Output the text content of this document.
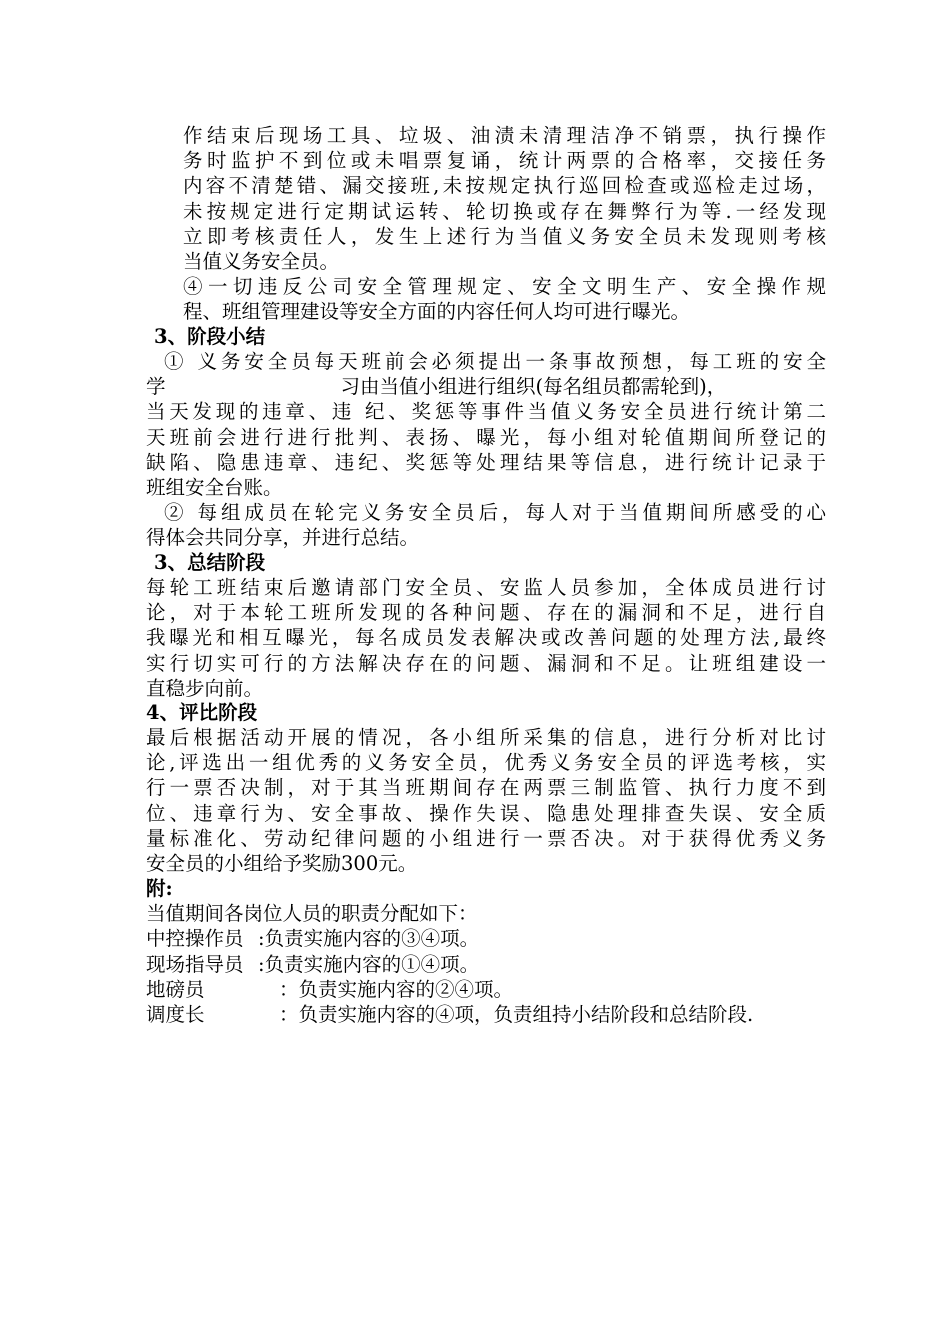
作结束后现场工具、垃圾、油渍未清理洁净不销票，执行操作
务时监护不到位或未唱票复诵，统计两票的合格率，交接任务
内容不清楚错、漏交接班,未按规定执行巡回检查或巡检走过场，
未按规定进行定期试运转、轮切换或存在舞弊行为等.一经发现
立即考核责任人，发生上述行为当值义务安全员未发现则考核
当值义务安全员。
④一切违反公司安全管理规定、安全文明生产、安全操作规
程、班组管理建设等安全方面的内容任何人均可进行曝光。
3、阶段小结
① 义务安全员每天班前会必须提出一条事故预想，每工班的安全
学	习由当值小组进行组织(每名组员都需轮到)，
当天发现的违章、违 纪、奖惩等事件当值义务安全员进行统计第二
天班前会进行进行批判、表扬、曝光，每小组对轮值期间所登记的
缺陷、隐患违章、违纪、奖惩等处理结果等信息，进行统计记录于
班组安全台账。
② 每组成员在轮完义务安全员后，每人对于当值期间所感受的心
得体会共同分享，并进行总结。
3、总结阶段
每轮工班结束后邀请部门安全员、安监人员参加，全体成员进行讨
论，对于本轮工班所发现的各种问题、存在的漏洞和不足，进行自
我曝光和相互曝光，每名成员发表解决或改善问题的处理方法,最终
实行切实可行的方法解决存在的问题、漏洞和不足。让班组建设一
直稳步向前。
4、评比阶段
最后根据活动开展的情况，各小组所采集的信息，进行分析对比讨
论,评选出一组优秀的义务安全员，优秀义务安全员的评选考核，实
行一票否决制，对于其当班期间存在两票三制监管、执行力度不到
位、违章行为、安全事故、操作失误、隐患处理排查失误、安全质
量标准化、劳动纪律问题的小组进行一票否决。对于获得优秀义务
安全员的小组给予奖励300元。
附:
当值期间各岗位人员的职责分配如下：
中控操作员 :负责实施内容的③④项。
现场指导员 :负责实施内容的①④项。
地磅员	：负责实施内容的②④项。
调度长	：负责实施内容的④项，负责组持小结阶段和总结阶段.
